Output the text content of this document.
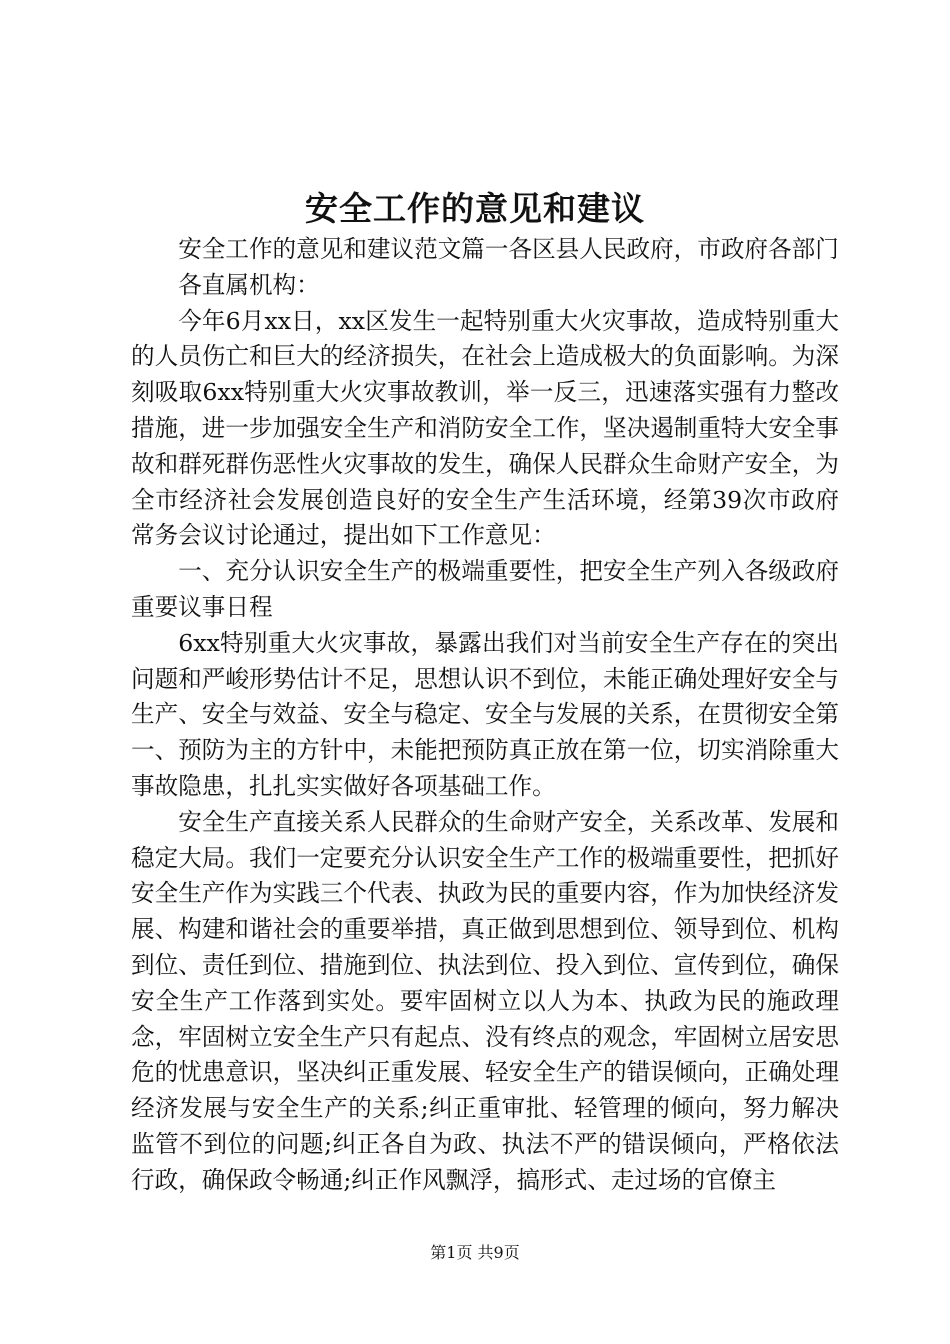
安全工作的意见和建议

安全工作的意见和建议范文篇一各区县人民政府，市政府各部门

各直属机构：

今年6月xx日，xx区发生一起特别重大火灾事故，造成特别重大的人员伤亡和巨大的经济损失，在社会上造成极大的负面影响。为深刻吸取6xx特别重大火灾事故教训，举一反三，迅速落实强有力整改措施，进一步加强安全生产和消防安全工作，坚决遏制重特大安全事故和群死群伤恶性火灾事故的发生，确保人民群众生命财产安全，为全市经济社会发展创造良好的安全生产生活环境，经第39次市政府常务会议讨论通过，提出如下工作意见：

一、充分认识安全生产的极端重要性，把安全生产列入各级政府重要议事日程

6xx特别重大火灾事故，暴露出我们对当前安全生产存在的突出问题和严峻形势估计不足，思想认识不到位，未能正确处理好安全与生产、安全与效益、安全与稳定、安全与发展的关系，在贯彻安全第一、预防为主的方针中，未能把预防真正放在第一位，切实消除重大事故隐患，扎扎实实做好各项基础工作。

安全生产直接关系人民群众的生命财产安全，关系改革、发展和稳定大局。我们一定要充分认识安全生产工作的极端重要性，把抓好安全生产作为实践三个代表、执政为民的重要内容，作为加快经济发展、构建和谐社会的重要举措，真正做到思想到位、领导到位、机构到位、责任到位、措施到位、执法到位、投入到位、宣传到位，确保安全生产工作落到实处。要牢固树立以人为本、执政为民的施政理念，牢固树立安全生产只有起点、没有终点的观念，牢固树立居安思危的忧患意识，坚决纠正重发展、轻安全生产的错误倾向，正确处理经济发展与安全生产的关系;纠正重审批、轻管理的倾向，努力解决监管不到位的问题;纠正各自为政、执法不严的错误倾向，严格依法行政，确保政令畅通;纠正作风飘浮，搞形式、走过场的官僚主

第1页 共9页
